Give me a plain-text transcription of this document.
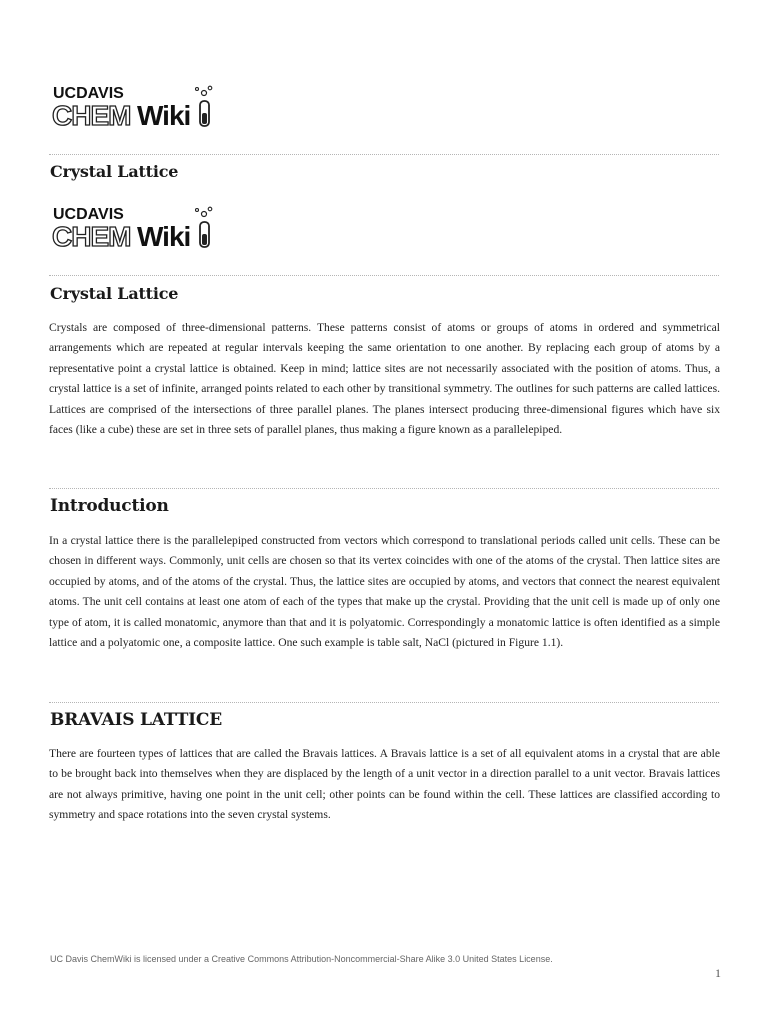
UCDAVIS
CHEM Wiki
Crystal Lattice
UCDAVIS
CHEM Wiki
Crystal Lattice

Crystals are composed of three-dimensional patterns. These patterns consist of atoms or groups of atoms in ordered and symmetrical arrangements which are repeated at regular intervals keeping the same orientation to one another. By replacing each group of atoms by a representative point a crystal lattice is obtained. Keep in mind; lattice sites are not necessarily associated with the position of atoms. Thus, a crystal lattice is a set of infinite, arranged points related to each other by transitional symmetry. The outlines for such patterns are called lattices. Lattices are comprised of the intersections of three parallel planes. The planes intersect producing three-dimensional figures which have six faces (like a cube) these are set in three sets of parallel planes, thus making a figure known as a parallelepiped.

Introduction

In a crystal lattice there is the parallelepiped constructed from vectors which correspond to translational periods called unit cells. These can be chosen in different ways. Commonly, unit cells are chosen so that its vertex coincides with one of the atoms of the crystal. Then lattice sites are occupied by atoms, and of the atoms of the crystal. Thus, the lattice sites are occupied by atoms, and vectors that connect the nearest equivalent atoms. The unit cell contains at least one atom of each of the types that make up the crystal. Providing that the unit cell is made up of only one type of atom, it is called monatomic, anymore than that and it is polyatomic. Correspondingly a monatomic lattice is often identified as a simple lattice and a polyatomic one, a composite lattice. One such example is table salt, NaCl (pictured in Figure 1.1).

BRAVAIS LATTICE

There are fourteen types of lattices that are called the Bravais lattices. A Bravais lattice is a set of all equivalent atoms in a crystal that are able to be brought back into themselves when they are displaced by the length of a unit vector in a direction parallel to a unit vector. Bravais lattices are not always primitive, having one point in the unit cell; other points can be found within the cell. These lattices are classified according to symmetry and space rotations into the seven crystal systems.

UC Davis ChemWiki is licensed under a Creative Commons Attribution-Noncommercial-Share Alike 3.0 United States License.
1
